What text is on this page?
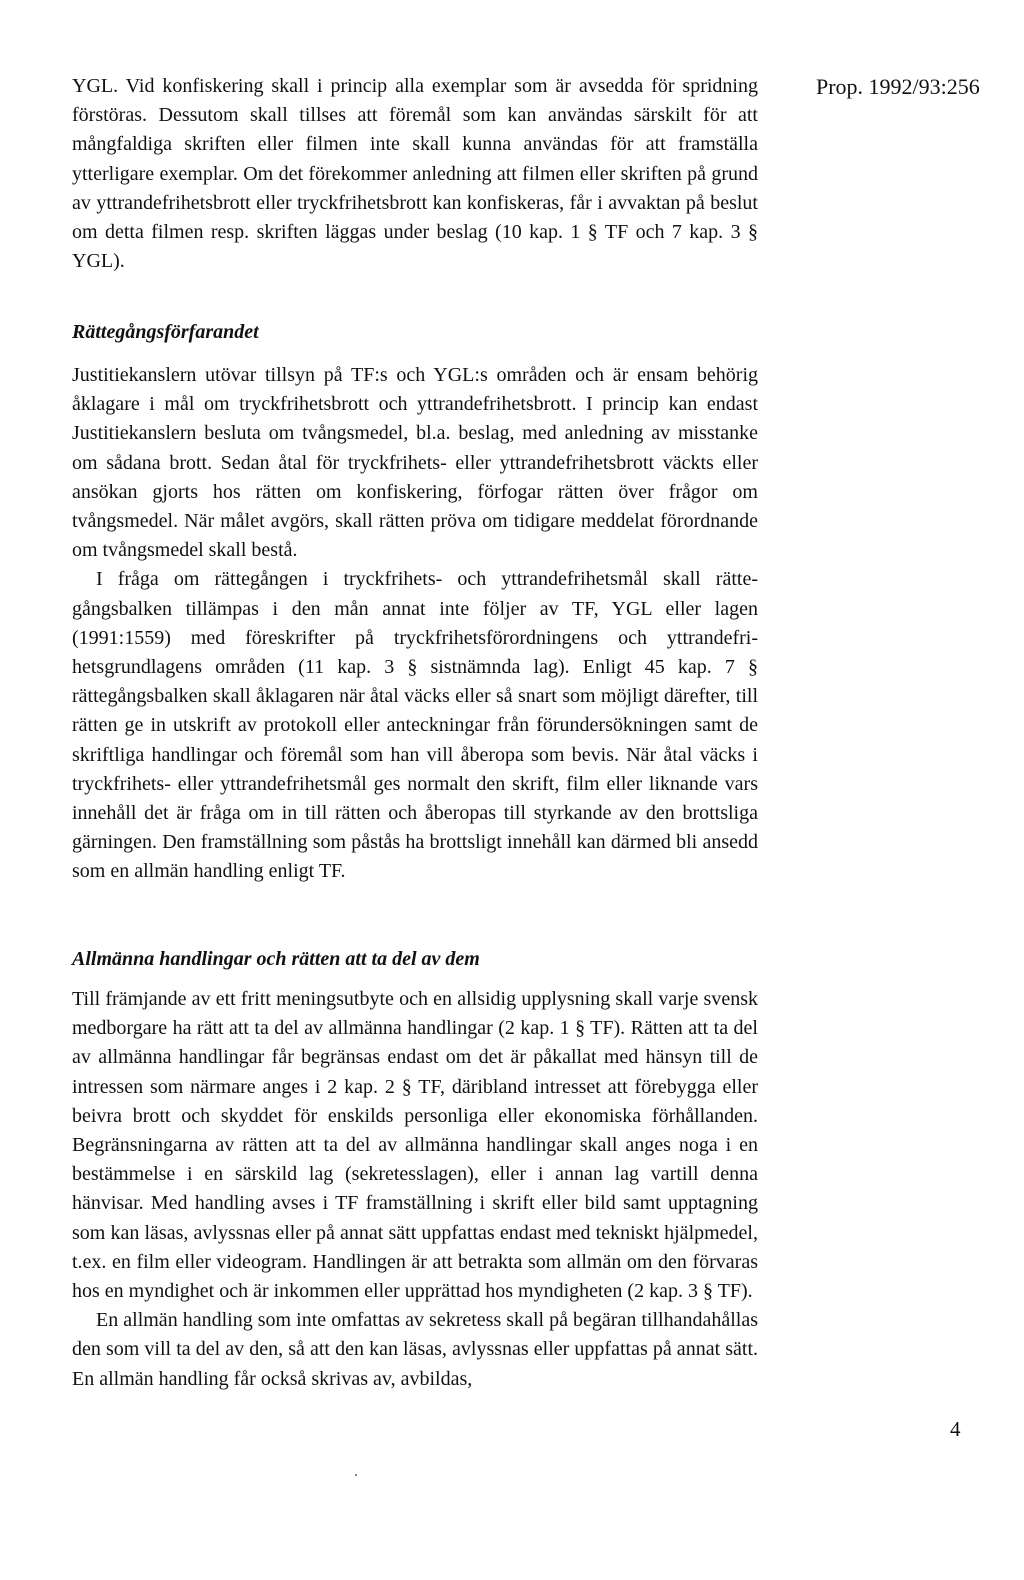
Prop. 1992/93:256

YGL. Vid konfiskering skall i princip alla exemplar som är avsedda för spridning förstöras. Dessutom skall tillses att föremål som kan användas särskilt för att mångfaldiga skriften eller filmen inte skall kunna användas för att framställa ytterligare exemplar. Om det förekommer anledning att filmen eller skriften på grund av yttrandefrihetsbrott eller tryckfrihetsbrott kan konfiskeras, får i avvaktan på beslut om detta filmen resp. skriften läggas under beslag (10 kap. 1 § TF och 7 kap. 3 § YGL).

Rättegångsförfarandet

Justitiekanslern utövar tillsyn på TF:s och YGL:s områden och är ensam behörig åklagare i mål om tryckfrihetsbrott och yttrandefrihetsbrott. I princip kan endast Justitiekanslern besluta om tvångsmedel, bl.a. beslag, med anledning av misstanke om sådana brott. Sedan åtal för tryckfrihets- eller yttrandefrihetsbrott väckts eller ansökan gjorts hos rätten om konfiskering, förfogar rätten över frågor om tvångsmedel. När målet avgörs, skall rätten pröva om tidigare meddelat förordnande om tvångsmedel skall bestå.

I fråga om rättegången i tryckfrihets- och yttrandefrihetsmål skall rättegångsbalken tillämpas i den mån annat inte följer av TF, YGL eller lagen (1991:1559) med föreskrifter på tryckfrihetsförordningens och yttrandefrihetsgrundlagens områden (11 kap. 3 § sistnämnda lag). Enligt 45 kap. 7 § rättegångsbalken skall åklagaren när åtal väcks eller så snart som möjligt därefter, till rätten ge in utskrift av protokoll eller anteckningar från förundersökningen samt de skriftliga handlingar och föremål som han vill åberopa som bevis. När åtal väcks i tryckfrihets- eller yttrandefrihetsmål ges normalt den skrift, film eller liknande vars innehåll det är fråga om in till rätten och åberopas till styrkande av den brottsliga gärningen. Den framställning som påstås ha brottsligt innehåll kan därmed bli ansedd som en allmän handling enligt TF.

Allmänna handlingar och rätten att ta del av dem

Till främjande av ett fritt meningsutbyte och en allsidig upplysning skall varje svensk medborgare ha rätt att ta del av allmänna handlingar (2 kap. 1 § TF). Rätten att ta del av allmänna handlingar får begränsas endast om det är påkallat med hänsyn till de intressen som närmare anges i 2 kap. 2 § TF, däribland intresset att förebygga eller beivra brott och skyddet för enskilds personliga eller ekonomiska förhållanden. Begränsningarna av rätten att ta del av allmänna handlingar skall anges noga i en bestämmelse i en särskild lag (sekretesslagen), eller i annan lag vartill denna hänvisar. Med handling avses i TF framställning i skrift eller bild samt upptagning som kan läsas, avlyssnas eller på annat sätt uppfattas endast med tekniskt hjälpmedel, t.ex. en film eller videogram. Handlingen är att betrakta som allmän om den förvaras hos en myndighet och är inkommen eller upprättad hos myndigheten (2 kap. 3 § TF).

En allmän handling som inte omfattas av sekretess skall på begäran tillhandahållas den som vill ta del av den, så att den kan läsas, avlyssnas eller uppfattas på annat sätt. En allmän handling får också skrivas av, avbildas,

4
